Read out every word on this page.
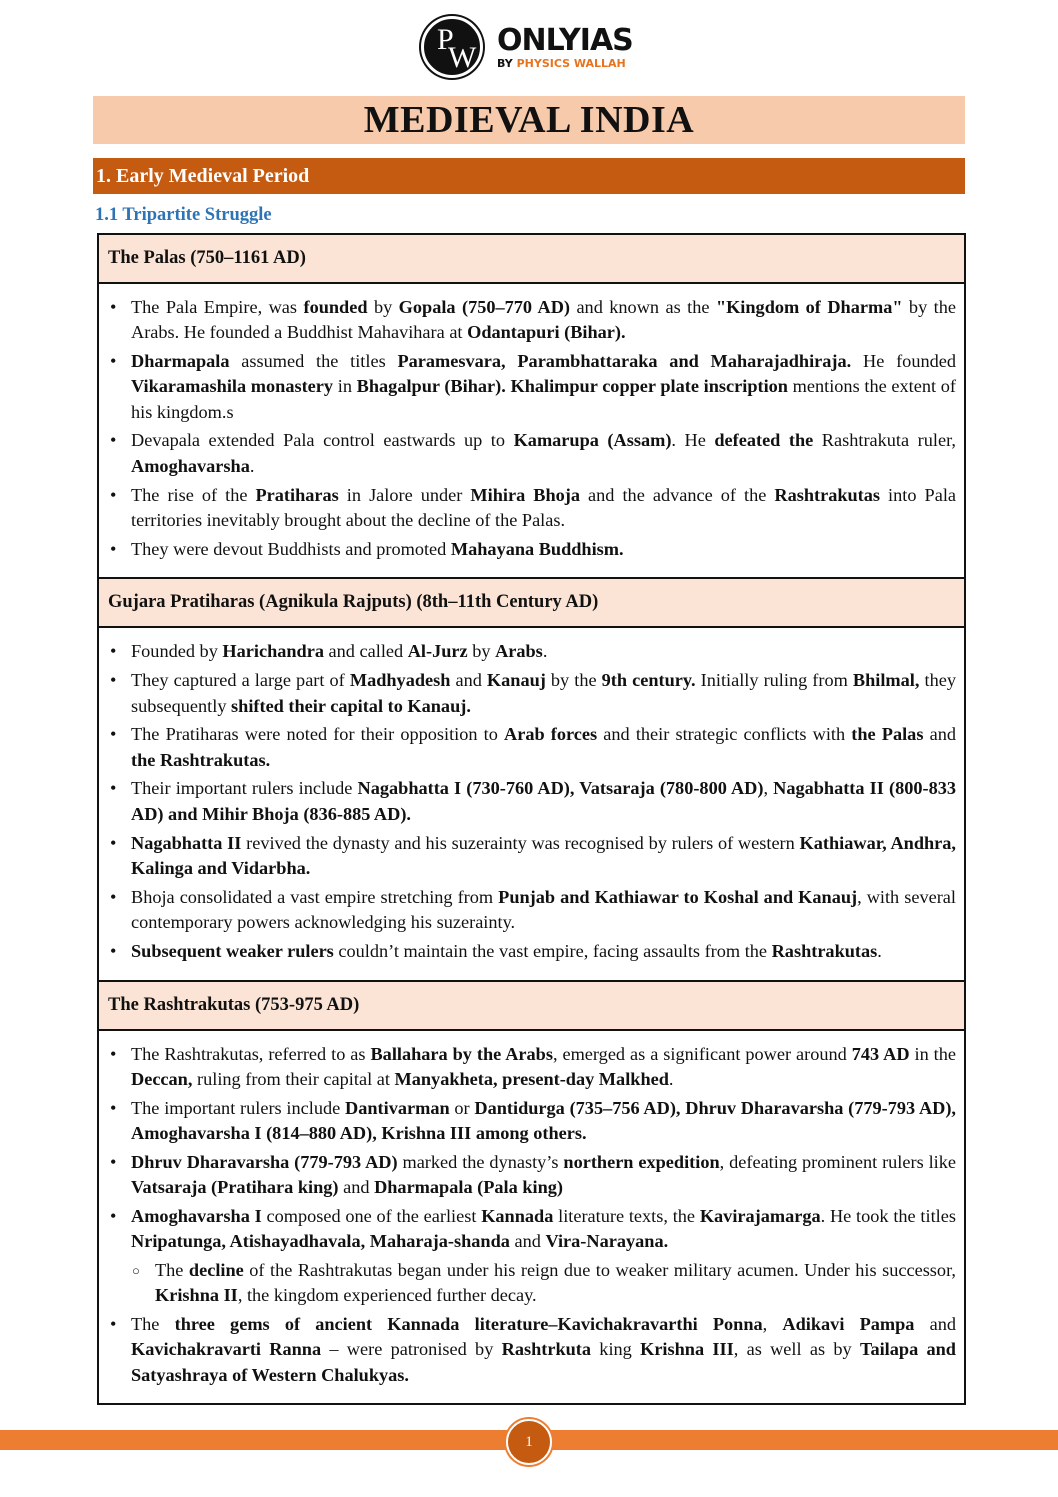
P
W ONLYIAS
BY PHYSICS WALLAH
MEDIEVAL INDIA
1. Early Medieval Period
1.1 Tripartite Struggle
The Palas (750–1161 AD)
• The Pala Empire, was founded by Gopala (750–770 AD) and known as the "Kingdom of Dharma" by the Arabs. He founded a Buddhist Mahavihara at Odantapuri (Bihar).
• Dharmapala assumed the titles Paramesvara, Parambhattaraka and Maharajadhiraja. He founded Vikaramashila monastery in Bhagalpur (Bihar). Khalimpur copper plate inscription mentions the extent of his kingdom.s
• Devapala extended Pala control eastwards up to Kamarupa (Assam). He defeated the Rashtrakuta ruler, Amoghavarsha.
• The rise of the Pratiharas in Jalore under Mihira Bhoja and the advance of the Rashtrakutas into Pala territories inevitably brought about the decline of the Palas.
• They were devout Buddhists and promoted Mahayana Buddhism.
Gujara Pratiharas (Agnikula Rajputs) (8th–11th Century AD)
• Founded by Harichandra and called Al-Jurz by Arabs.
• They captured a large part of Madhyadesh and Kanauj by the 9th century. Initially ruling from Bhilmal, they subsequently shifted their capital to Kanauj.
• The Pratiharas were noted for their opposition to Arab forces and their strategic conflicts with the Palas and the Rashtrakutas.
• Their important rulers include Nagabhatta I (730-760 AD), Vatsaraja (780-800 AD), Nagabhatta II (800-833 AD) and Mihir Bhoja (836-885 AD).
• Nagabhatta II revived the dynasty and his suzerainty was recognised by rulers of western Kathiawar, Andhra, Kalinga and Vidarbha.
• Bhoja consolidated a vast empire stretching from Punjab and Kathiawar to Koshal and Kanauj, with several contemporary powers acknowledging his suzerainty.
• Subsequent weaker rulers couldn’t maintain the vast empire, facing assaults from the Rashtrakutas.
The Rashtrakutas (753-975 AD)
• The Rashtrakutas, referred to as Ballahara by the Arabs, emerged as a significant power around 743 AD in the Deccan, ruling from their capital at Manyakheta, present-day Malkhed.
• The important rulers include Dantivarman or Dantidurga (735–756 AD), Dhruv Dharavarsha (779-793 AD), Amoghavarsha I (814–880 AD), Krishna III among others.
• Dhruv Dharavarsha (779-793 AD) marked the dynasty’s northern expedition, defeating prominent rulers like Vatsaraja (Pratihara king) and Dharmapala (Pala king)
• Amoghavarsha I composed one of the earliest Kannada literature texts, the Kavirajamarga. He took the titles Nripatunga, Atishayadhavala, Maharaja-shanda and Vira-Narayana.
○ The decline of the Rashtrakutas began under his reign due to weaker military acumen. Under his successor, Krishna II, the kingdom experienced further decay.
• The three gems of ancient Kannada literature–Kavichakravarthi Ponna, Adikavi Pampa and Kavichakravarti Ranna – were patronised by Rashtrkuta king Krishna III, as well as by Tailapa and Satyashraya of Western Chalukyas.
1
